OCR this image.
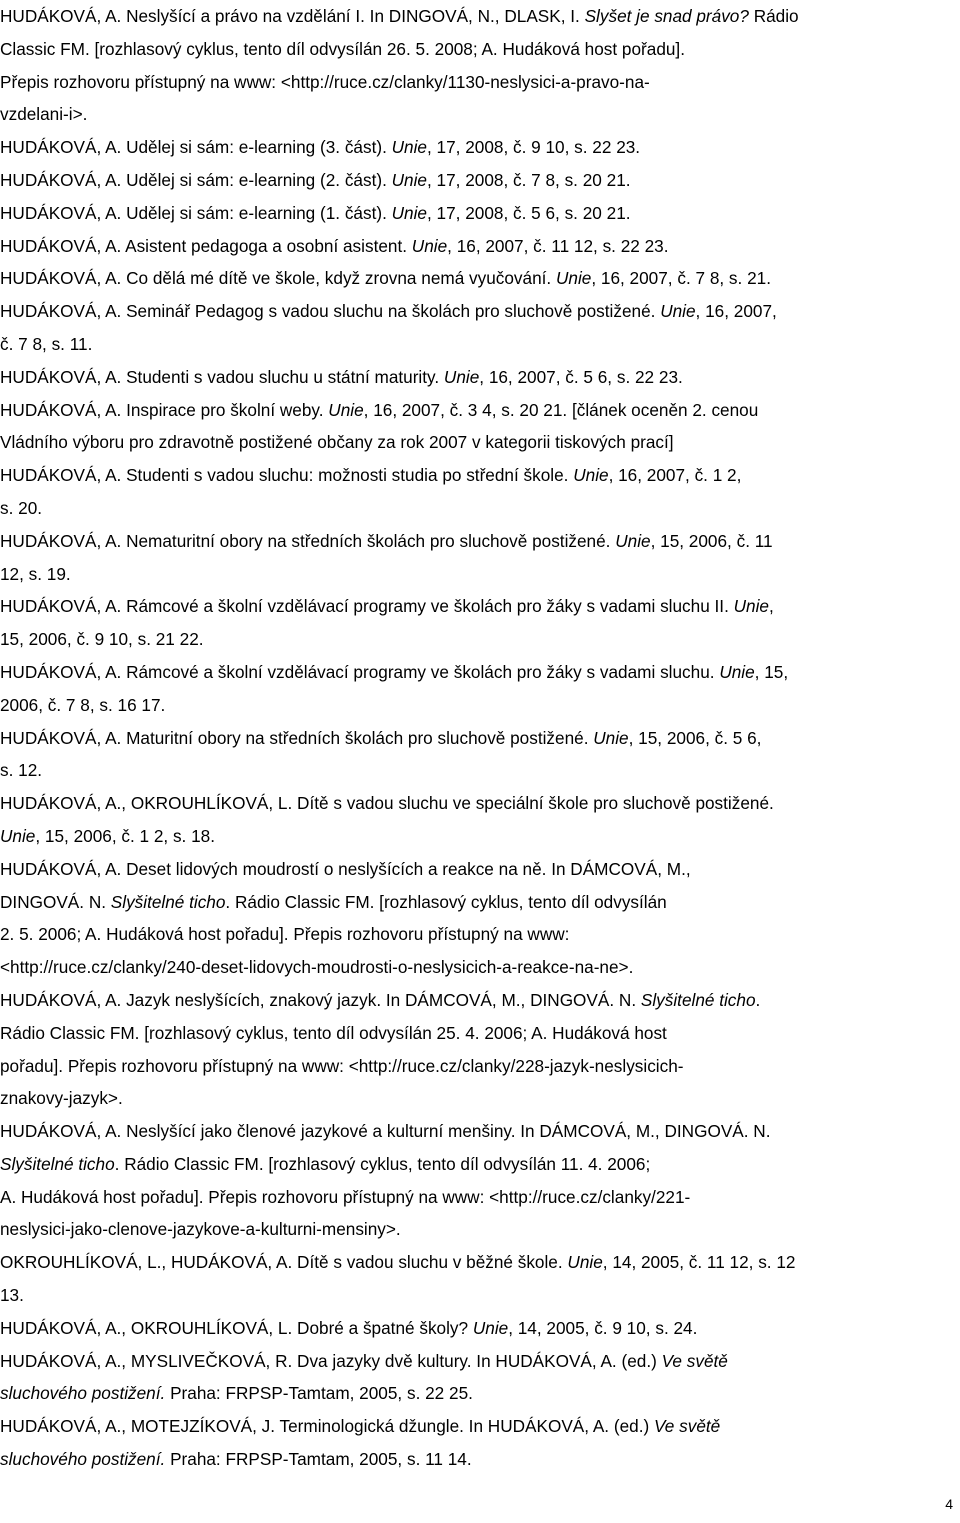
HUDÁKOVÁ, A. Neslyšící a právo na vzdělání I. In DINGOVÁ, N., DLASK, I. Slyšet je snad právo? Rádio
Classic FM. [rozhlasový cyklus, tento díl odvysílán 26. 5. 2008; A. Hudáková host pořadu].
Přepis rozhovoru přístupný na www: <http://ruce.cz/clanky/1130-neslysici-a-pravo-na-
vzdelani-i>.

HUDÁKOVÁ, A. Udělej si sám: e-learning (3. část). Unie, 17, 2008, č. 9 10, s. 22 23.

HUDÁKOVÁ, A. Udělej si sám: e-learning (2. část). Unie, 17, 2008, č. 7 8, s. 20 21.

HUDÁKOVÁ, A. Udělej si sám: e-learning (1. část). Unie, 17, 2008, č. 5 6, s. 20 21.

HUDÁKOVÁ, A. Asistent pedagoga a osobní asistent. Unie, 16, 2007, č. 11 12, s. 22 23.

HUDÁKOVÁ, A. Co dělá mé dítě ve škole, když zrovna nemá vyučování. Unie, 16, 2007, č. 7 8, s. 21.

HUDÁKOVÁ, A. Seminář Pedagog s vadou sluchu na školách pro sluchově postižené. Unie, 16, 2007,
č. 7 8, s. 11.

HUDÁKOVÁ, A. Studenti s vadou sluchu u státní maturity. Unie, 16, 2007, č. 5 6, s. 22 23.

HUDÁKOVÁ, A. Inspirace pro školní weby. Unie, 16, 2007, č. 3 4, s. 20 21. [článek oceněn 2. cenou
Vládního výboru pro zdravotně postižené občany za rok 2007 v kategorii tiskových prací]

HUDÁKOVÁ, A. Studenti s vadou sluchu: možnosti studia po střední škole. Unie, 16, 2007, č. 1 2,
s. 20.

HUDÁKOVÁ, A. Nematuritní obory na středních školách pro sluchově postižené. Unie, 15, 2006, č. 11
12, s. 19.

HUDÁKOVÁ, A. Rámcové a školní vzdělávací programy ve školách pro žáky s vadami sluchu II. Unie,
15, 2006, č. 9 10, s. 21 22.

HUDÁKOVÁ, A. Rámcové a školní vzdělávací programy ve školách pro žáky s vadami sluchu. Unie, 15,
2006, č. 7 8, s. 16 17.

HUDÁKOVÁ, A. Maturitní obory na středních školách pro sluchově postižené. Unie, 15, 2006, č. 5 6,
s. 12.

HUDÁKOVÁ, A., OKROUHLÍKOVÁ, L. Dítě s vadou sluchu ve speciální škole pro sluchově postižené.
Unie, 15, 2006, č. 1 2, s. 18.

HUDÁKOVÁ, A. Deset lidových moudrostí o neslyšících a reakce na ně. In DÁMCOVÁ, M.,
DINGOVÁ. N. Slyšitelné ticho. Rádio Classic FM. [rozhlasový cyklus, tento díl odvysílán
2. 5. 2006; A. Hudáková host pořadu]. Přepis rozhovoru přístupný na www:
<http://ruce.cz/clanky/240-deset-lidovych-moudrosti-o-neslysicich-a-reakce-na-ne>.

HUDÁKOVÁ, A. Jazyk neslyšících, znakový jazyk. In DÁMCOVÁ, M., DINGOVÁ. N. Slyšitelné ticho.
Rádio Classic FM. [rozhlasový cyklus, tento díl odvysílán 25. 4. 2006; A. Hudáková host
pořadu]. Přepis rozhovoru přístupný na www: <http://ruce.cz/clanky/228-jazyk-neslysicich-
znakovy-jazyk>.

HUDÁKOVÁ, A. Neslyšící jako členové jazykové a kulturní menšiny. In DÁMCOVÁ, M., DINGOVÁ. N.
Slyšitelné ticho. Rádio Classic FM. [rozhlasový cyklus, tento díl odvysílán 11. 4. 2006;
A. Hudáková host pořadu]. Přepis rozhovoru přístupný na www: <http://ruce.cz/clanky/221-
neslysici-jako-clenove-jazykove-a-kulturni-mensiny>.

OKROUHLÍKOVÁ, L., HUDÁKOVÁ, A. Dítě s vadou sluchu v běžné škole. Unie, 14, 2005, č. 11 12, s. 12
13.

HUDÁKOVÁ, A., OKROUHLÍKOVÁ, L. Dobré a špatné školy? Unie, 14, 2005, č. 9 10, s. 24.

HUDÁKOVÁ, A., MYSLIVEČKOVÁ, R. Dva jazyky dvě kultury. In HUDÁKOVÁ, A. (ed.) Ve světě
sluchového postižení. Praha: FRPSP-Tamtam, 2005, s. 22 25.

HUDÁKOVÁ, A., MOTEJZÍKOVÁ, J. Terminologická džungle. In HUDÁKOVÁ, A. (ed.) Ve světě
sluchového postižení. Praha: FRPSP-Tamtam, 2005, s. 11 14.

4
